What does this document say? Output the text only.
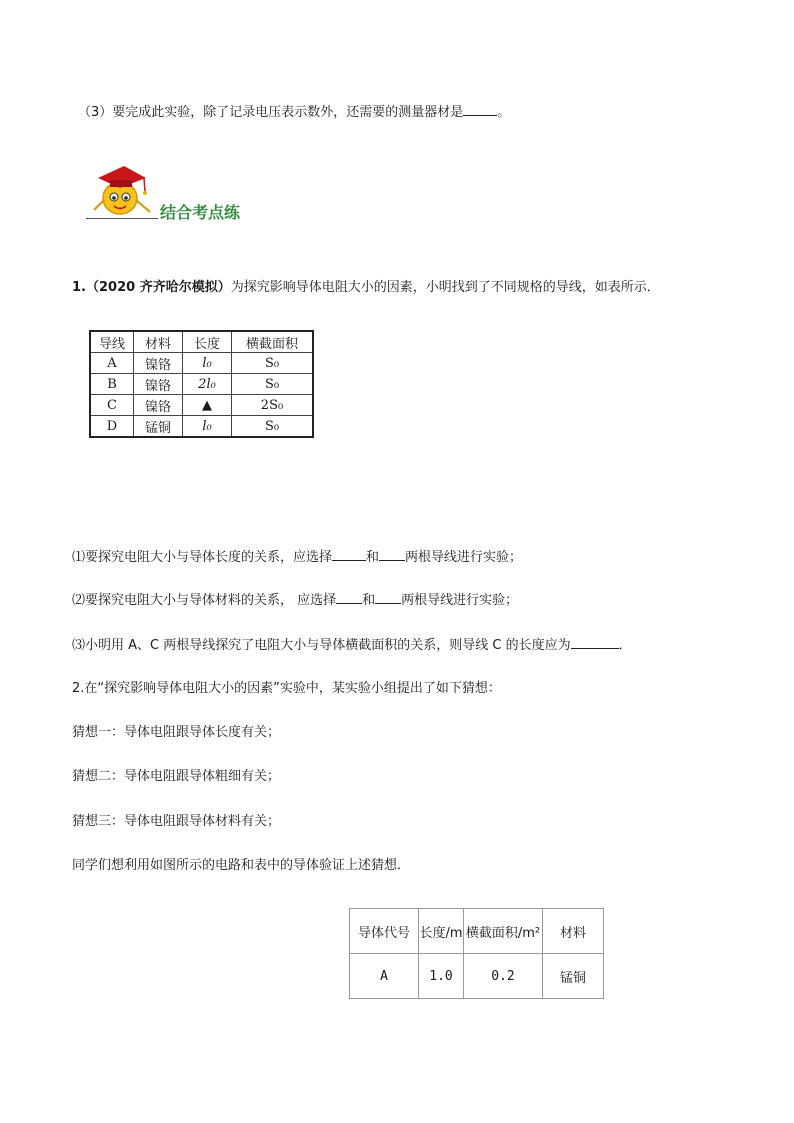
（3）要完成此实验，除了记录电压表示数外，还需要的测量器材是	。
结合考点练
1.（2020 齐齐哈尔模拟）为探究影响导体电阻大小的因素，小明找到了不同规格的导线，如表所示．
导线	材料	长度	横截面积
A	镍铬	l₀	S₀
B	镍铬	2l₀	S₀
C	镍铬	▲	2S₀
D	锰铜	l₀	S₀
⑴要探究电阻大小与导体长度的关系，应选择	和 两根导线进行实验；
⑵要探究电阻大小与导体材料的关系， 应选择 和 两根导线进行实验；
⑶小明用 A、C 两根导线探究了电阻大小与导体横截面积的关系，则导线 C 的长度应为	．
2.在“探究影响导体电阻大小的因素”实验中，某实验小组提出了如下猜想：
猜想一：导体电阻跟导体长度有关；
猜想二：导体电阻跟导体粗细有关；
猜想三：导体电阻跟导体材料有关；
同学们想利用如图所示的电路和表中的导体验证上述猜想．
导体代号	长度/m	横截面积/m²	材料
A	1.0	0.2	锰铜
